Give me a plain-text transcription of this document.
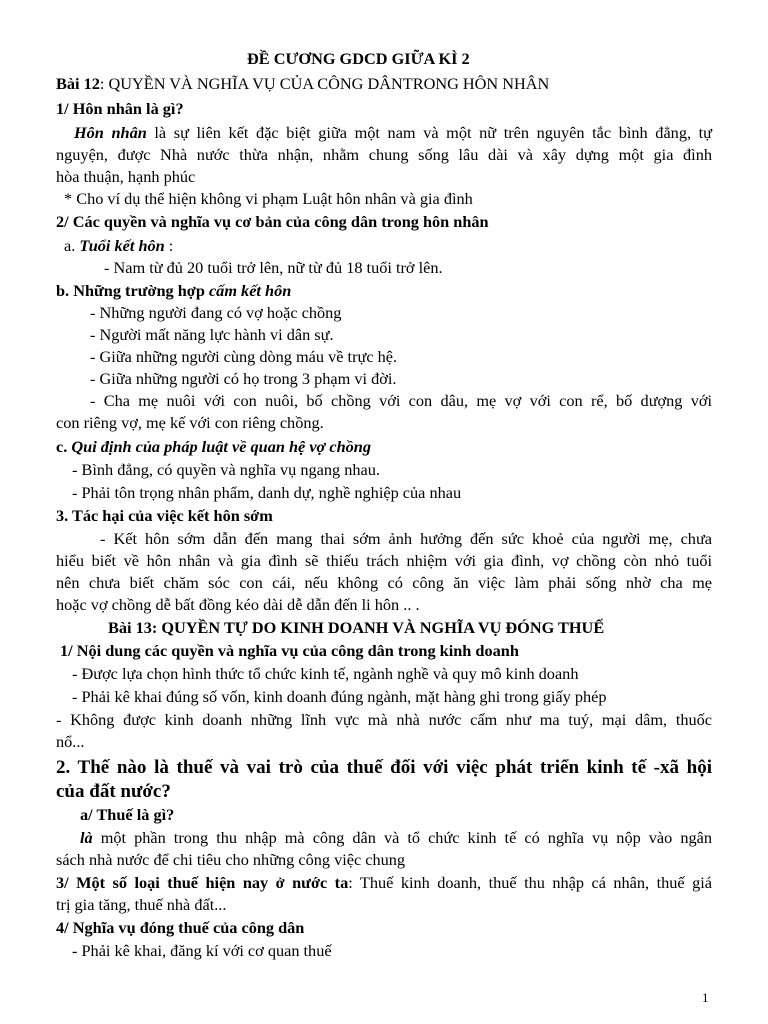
ĐỀ CƯƠNG GDCD GIỮA KÌ 2
Bài 12: QUYỀN VÀ NGHĨA VỤ CỦA CÔNG DÂNTRONG HÔN NHÂN
1/ Hôn nhân là gì?
Hôn nhân là sự liên kết đặc biệt giữa một nam và một nữ trên nguyên tắc bình đẳng, tự
nguyện, được Nhà nước thừa nhận, nhằm chung sống lâu dài và xây dựng một gia đình
hòa thuận, hạnh phúc
* Cho ví dụ thể hiện không vi phạm Luật hôn nhân và gia đình
2/ Các quyền và nghĩa vụ cơ bản của công dân trong hôn nhân
a. Tuổi kết hôn :
- Nam từ đủ 20 tuổi trở lên, nữ từ đủ 18 tuổi trở lên.
b. Những trường hợp cấm kết hôn
- Những người đang có vợ hoặc chồng
- Người mất năng lực hành vi dân sự.
- Giữa những người cùng dòng máu về trực hệ.
- Giữa những người có họ trong 3 phạm vi đời.
- Cha mẹ nuôi với con nuôi, bố chồng với con dâu, mẹ vợ với con rể, bố dượng với
con riêng vợ, mẹ kế với con riêng chồng.
c. Qui định của pháp luật về quan hệ vợ chồng
- Bình đẳng, có quyền và nghĩa vụ ngang nhau.
- Phải tôn trọng nhân phẩm, danh dự, nghề nghiệp của nhau
3. Tác hại của việc kết hôn sớm
- Kết hôn sớm dẫn đến mang thai sớm ảnh hưởng đến sức khoẻ của người mẹ, chưa
hiểu biết về hôn nhân và gia đình sẽ thiếu trách nhiệm với gia đình, vợ chồng còn nhỏ tuổi
nên chưa biết chăm sóc con cái, nếu không có công ăn việc làm phải sống nhờ cha mẹ
hoặc vợ chồng dễ bất đồng kéo dài dễ dẫn đến li hôn .. .
Bài 13: QUYỀN TỰ DO KINH DOANH VÀ NGHĨA VỤ ĐÓNG THUẾ
1/ Nội dung các quyền và nghĩa vụ của công dân trong kinh doanh
- Được lựa chọn hình thức tổ chức kinh tế, ngành nghề và quy mô kinh doanh
- Phải kê khai đúng số vốn, kinh doanh đúng ngành, mặt hàng ghi trong giấy phép
- Không được kinh doanh những lĩnh vực mà nhà nước cấm như ma tuý, mại dâm, thuốc
nổ...
2. Thế nào là thuế và vai trò của thuế đối với việc phát triển kinh tế -xã hội
của đất nước?
a/ Thuế là gì?
là một phần trong thu nhập mà công dân và tổ chức kinh tế có nghĩa vụ nộp vào ngân
sách nhà nước để chi tiêu cho những công việc chung
3/ Một số loại thuế hiện nay ở nước ta: Thuế kinh doanh, thuế thu nhập cá nhân, thuế giá
trị gia tăng, thuế nhà đất...
4/ Nghĩa vụ đóng thuế của công dân
- Phải kê khai, đăng kí với cơ quan thuế
1
